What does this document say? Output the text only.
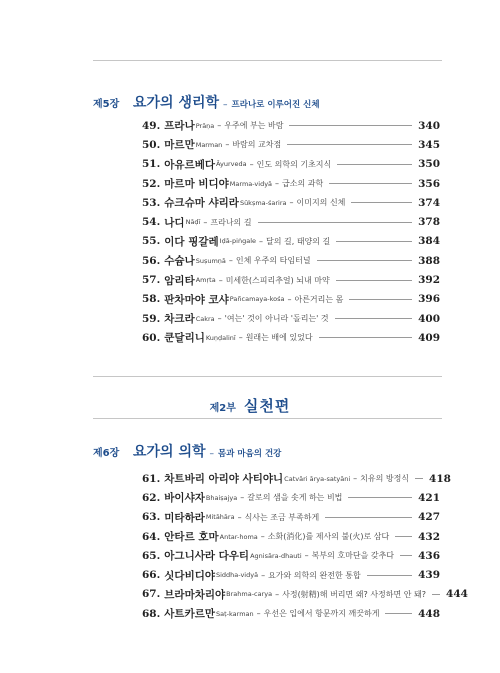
제5장 요가의 생리학 – 프라나로 이루어진 신체
49. 프라나 Prāṇa – 우주에 부는 바람	340
50. 마르만 Marman – 바람의 교차점	345
51. 아유르베다 Āyurveda – 인도 의학의 기초지식	350
52. 마르마 비디야 Marma-vidyā – 급소의 과학	356
53. 슈크슈마 샤리라 Sūkṣma-śarira – 이미지의 신체	374
54. 나디 Nāḍī – 프라나의 길	378
55. 이다 핑갈레 Iḍā-piṅgale – 달의 길, 태양의 길	384
56. 수슘나 Suṣumṇā – 인체 우주의 타임터널	388
57. 암리타 Amṛta – 미세한(스피리추얼) 뇌내 마약	392
58. 판차마야 코샤 Pañcamaya-kośa – 아른거리는 몸	396
59. 차크라 Cakra – '여는' 것이 아니라 '돌리는' 것	400
60. 쿤달리니 Kuṇḍalinī – 원래는 배에 있었다	409
제2부 실천편
제6장 요가의 의학 – 몸과 마음의 건강
61. 차트바리 아리야 사티야니 Catvāri ārya-satyāni – 치유의 방정식 418
62. 바이샤자 Bhaiṣajya – 갈로의 샘을 솟게 하는 비법	421
63. 미타하라 Mitāhāra – 식사는 조금 부족하게	427
64. 안타르 호마 Antar-homa – 소화(消化)를 제사의 불(火)로 삼다	432
65. 아그니사라 다우티 Agnisāra-dhauti – 복부의 호마단을 갖추다 436
66. 싯다비디야 Siddha-vidyā – 요가와 의학의 완전한 통합	439
67. 브라마차리야 Brahma-carya – 사정(射精)해 버리면 왜? 사정하면 안 돼? 444
68. 사트카르만 Saṭ-karman – 우선은 입에서 항문까지 깨끗하게	448
